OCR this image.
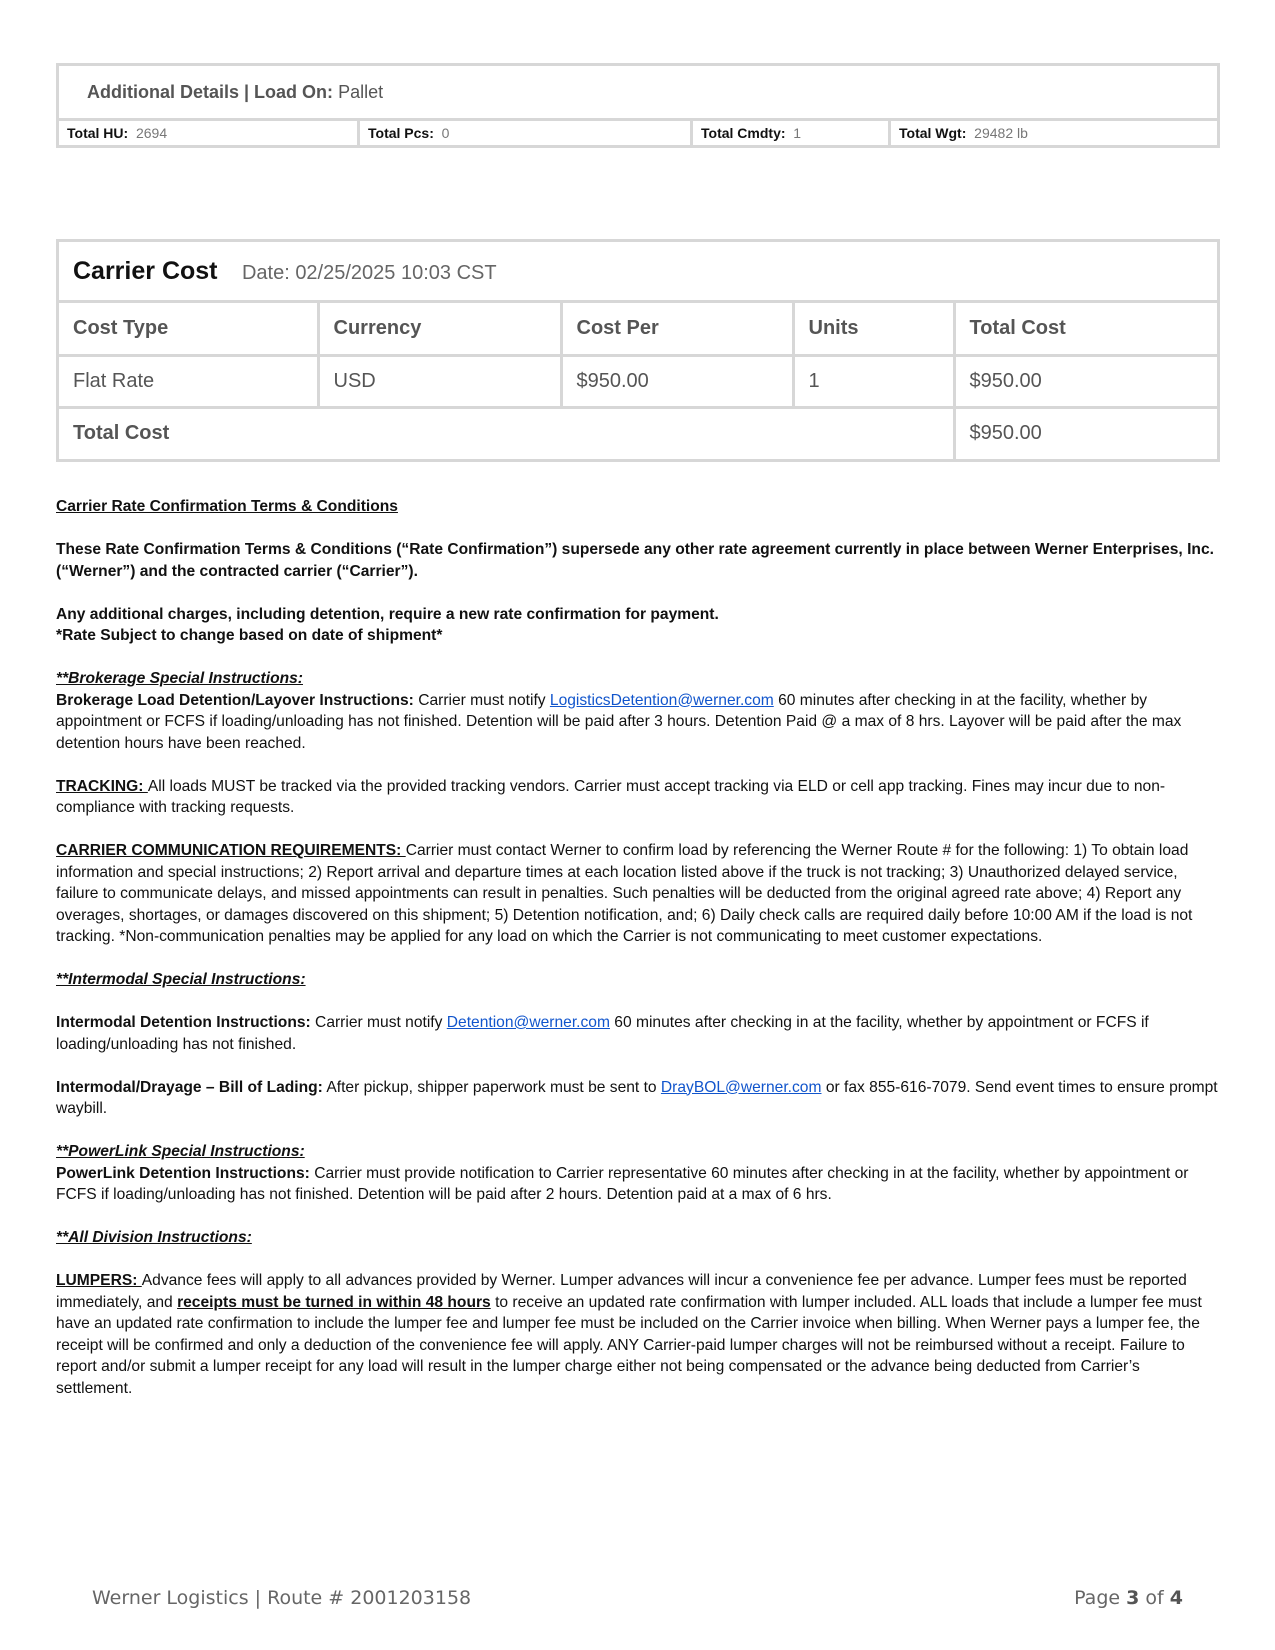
Additional Details | Load On: Pallet
Total HU: 2694	Total Pcs: 0	Total Cmdty: 1	Total Wgt: 29482 lb
Carrier Cost Date: 02/25/2025 10:03 CST
Cost Type	Currency	Cost Per	Units	Total Cost
Flat Rate	USD	$950.00	1	$950.00
Total Cost				$950.00

Carrier Rate Confirmation Terms & Conditions

These Rate Confirmation Terms & Conditions (“Rate Confirmation”) supersede any other rate agreement currently in place between Werner Enterprises, Inc. (“Werner”) and the contracted carrier (“Carrier”).

Any additional charges, including detention, require a new rate confirmation for payment.
*Rate Subject to change based on date of shipment*

**Brokerage Special Instructions:
Brokerage Load Detention/Layover Instructions: Carrier must notify LogisticsDetention@werner.com 60 minutes after checking in at the facility, whether by appointment or FCFS if loading/unloading has not finished. Detention will be paid after 3 hours. Detention Paid @ a max of 8 hrs. Layover will be paid after the max detention hours have been reached.

TRACKING: All loads MUST be tracked via the provided tracking vendors. Carrier must accept tracking via ELD or cell app tracking. Fines may incur due to non-compliance with tracking requests.

CARRIER COMMUNICATION REQUIREMENTS: Carrier must contact Werner to confirm load by referencing the Werner Route # for the following: 1) To obtain load information and special instructions; 2) Report arrival and departure times at each location listed above if the truck is not tracking; 3) Unauthorized delayed service, failure to communicate delays, and missed appointments can result in penalties. Such penalties will be deducted from the original agreed rate above; 4) Report any overages, shortages, or damages discovered on this shipment; 5) Detention notification, and; 6) Daily check calls are required daily before 10:00 AM if the load is not tracking. *Non-communication penalties may be applied for any load on which the Carrier is not communicating to meet customer expectations.

**Intermodal Special Instructions:

Intermodal Detention Instructions: Carrier must notify Detention@werner.com 60 minutes after checking in at the facility, whether by appointment or FCFS if loading/unloading has not finished.

Intermodal/Drayage – Bill of Lading: After pickup, shipper paperwork must be sent to DrayBOL@werner.com or fax 855-616-7079. Send event times to ensure prompt waybill.

**PowerLink Special Instructions:
PowerLink Detention Instructions: Carrier must provide notification to Carrier representative 60 minutes after checking in at the facility, whether by appointment or FCFS if loading/unloading has not finished. Detention will be paid after 2 hours. Detention paid at a max of 6 hrs.

**All Division Instructions:

LUMPERS: Advance fees will apply to all advances provided by Werner. Lumper advances will incur a convenience fee per advance. Lumper fees must be reported immediately, and receipts must be turned in within 48 hours to receive an updated rate confirmation with lumper included. ALL loads that include a lumper fee must have an updated rate confirmation to include the lumper fee and lumper fee must be included on the Carrier invoice when billing. When Werner pays a lumper fee, the receipt will be confirmed and only a deduction of the convenience fee will apply. ANY Carrier-paid lumper charges will not be reimbursed without a receipt. Failure to report and/or submit a lumper receipt for any load will result in the lumper charge either not being compensated or the advance being deducted from Carrier’s settlement.

Werner Logistics | Route # 2001203158	Page 3 of 4
